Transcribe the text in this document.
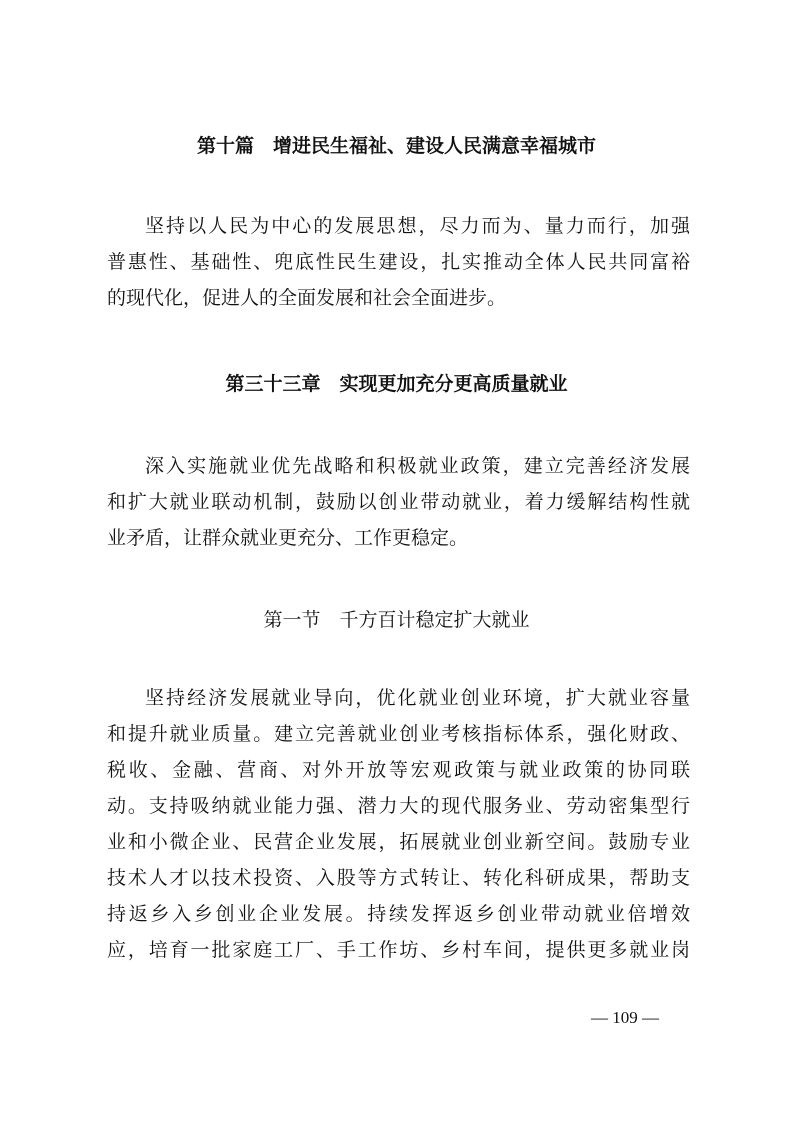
第十篇　增进民生福祉、建设人民满意幸福城市
坚持以人民为中心的发展思想，尽力而为、量力而行，加强
普惠性、基础性、兜底性民生建设，扎实推动全体人民共同富裕
的现代化，促进人的全面发展和社会全面进步。
第三十三章　实现更加充分更高质量就业
深入实施就业优先战略和积极就业政策，建立完善经济发展
和扩大就业联动机制，鼓励以创业带动就业，着力缓解结构性就
业矛盾，让群众就业更充分、工作更稳定。
第一节　千方百计稳定扩大就业
坚持经济发展就业导向，优化就业创业环境，扩大就业容量
和提升就业质量。建立完善就业创业考核指标体系，强化财政、
税收、金融、营商、对外开放等宏观政策与就业政策的协同联
动。支持吸纳就业能力强、潜力大的现代服务业、劳动密集型行
业和小微企业、民营企业发展，拓展就业创业新空间。鼓励专业
技术人才以技术投资、入股等方式转让、转化科研成果，帮助支
持返乡入乡创业企业发展。持续发挥返乡创业带动就业倍增效
应，培育一批家庭工厂、手工作坊、乡村车间，提供更多就业岗
— 109 —
